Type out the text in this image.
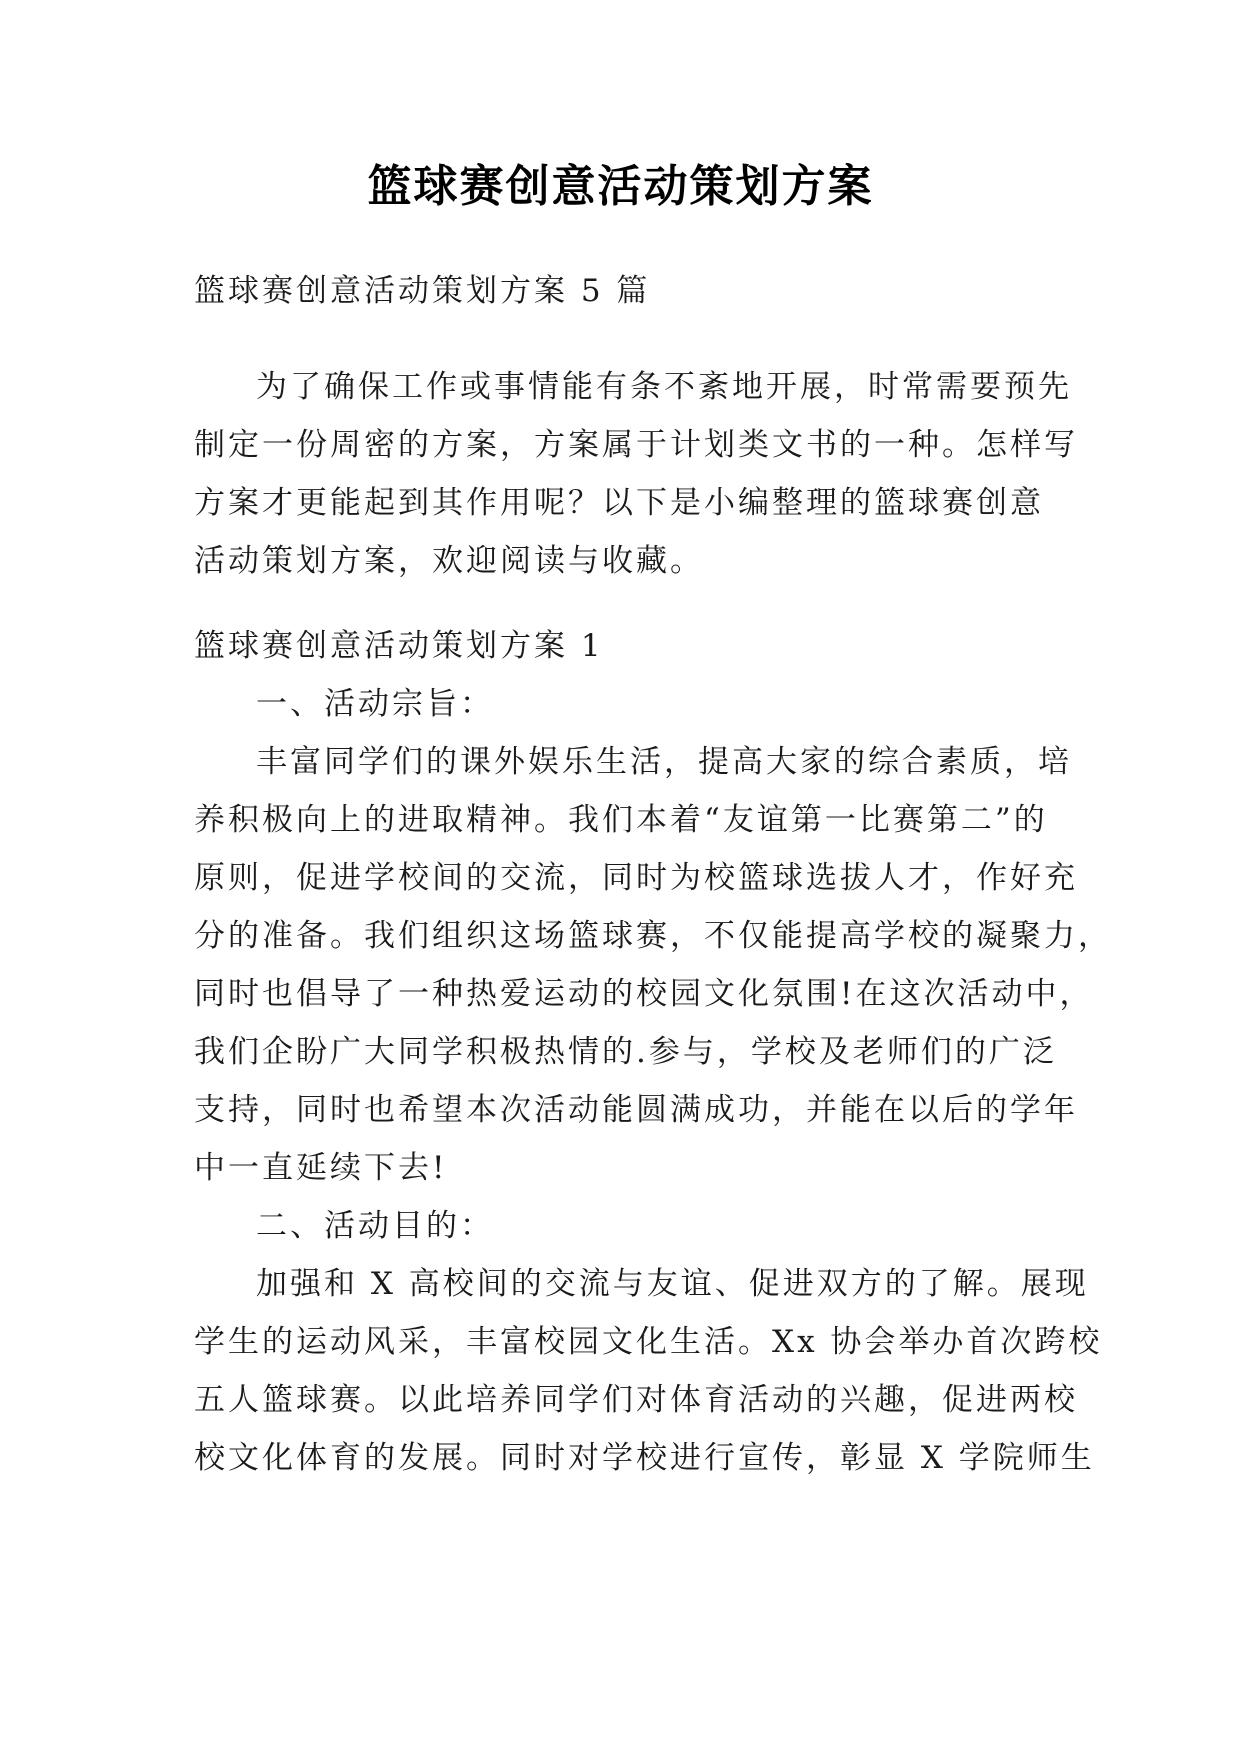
篮球赛创意活动策划方案
篮球赛创意活动策划方案 5 篇
为了确保工作或事情能有条不紊地开展，时常需要预先
制定一份周密的方案，方案属于计划类文书的一种。怎样写
方案才更能起到其作用呢？以下是小编整理的篮球赛创意
活动策划方案，欢迎阅读与收藏。
篮球赛创意活动策划方案 1
一、活动宗旨：
丰富同学们的课外娱乐生活，提高大家的综合素质，培
养积极向上的进取精神。我们本着“友谊第一比赛第二”的
原则，促进学校间的交流，同时为校篮球选拔人才，作好充
分的准备。我们组织这场篮球赛，不仅能提高学校的凝聚力，
同时也倡导了一种热爱运动的校园文化氛围!在这次活动中，
我们企盼广大同学积极热情的.参与，学校及老师们的广泛
支持，同时也希望本次活动能圆满成功，并能在以后的学年
中一直延续下去!
二、活动目的：
加强和 X 高校间的交流与友谊、促进双方的了解。展现
学生的运动风采，丰富校园文化生活。Xx 协会举办首次跨校
五人篮球赛。以此培养同学们对体育活动的兴趣，促进两校
校文化体育的发展。同时对学校进行宣传，彰显 X 学院师生
